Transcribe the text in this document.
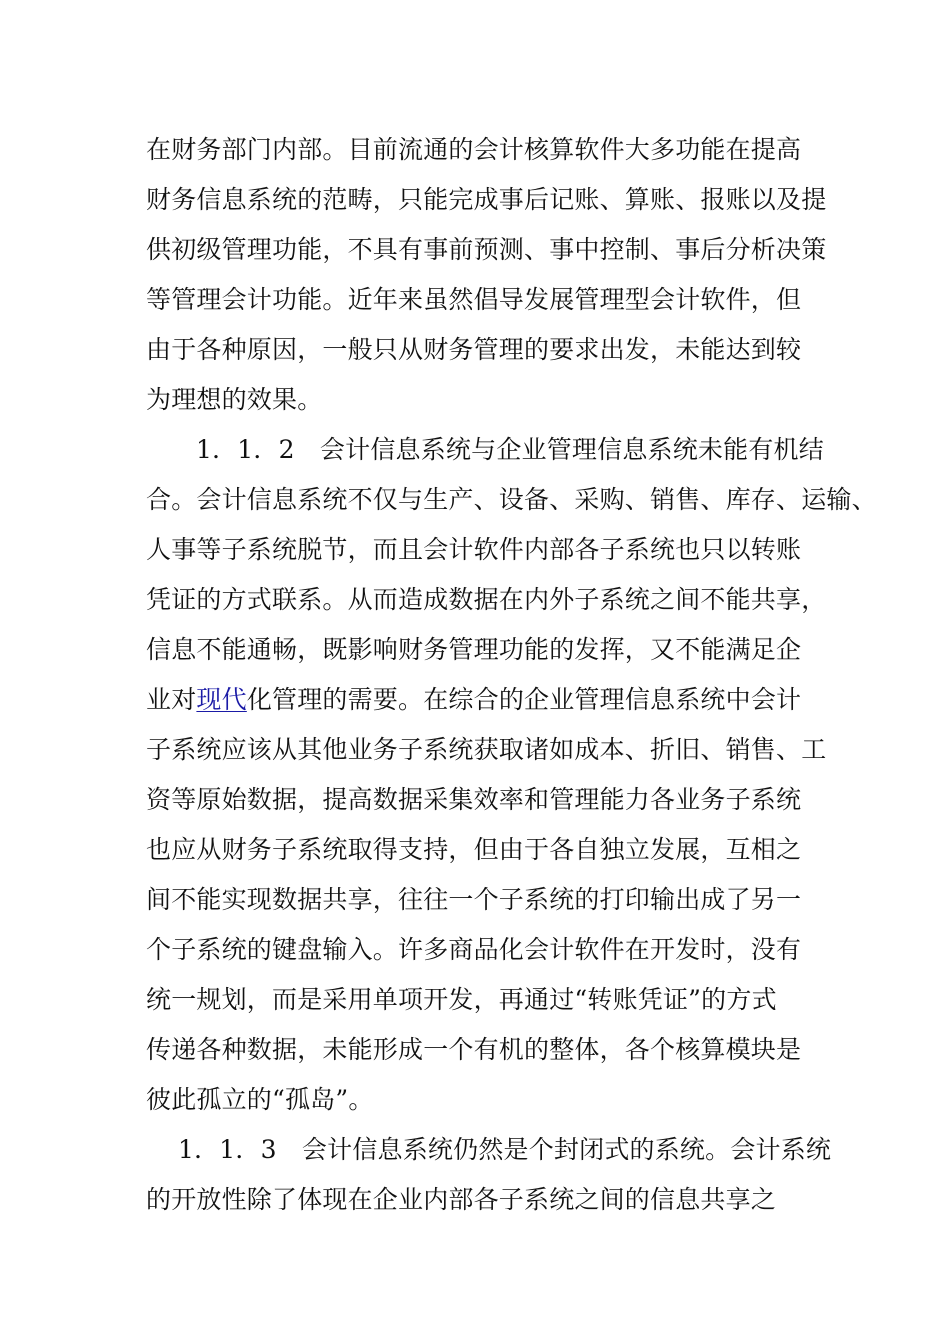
在财务部门内部。目前流通的会计核算软件大多功能在提高
财务信息系统的范畴，只能完成事后记账、算账、报账以及提
供初级管理功能，不具有事前预测、事中控制、事后分析决策
等管理会计功能。近年来虽然倡导发展管理型会计软件，但
由于各种原因，一般只从财务管理的要求出发，未能达到较
为理想的效果。
1．1．2　会计信息系统与企业管理信息系统未能有机结
合。会计信息系统不仅与生产、设备、采购、销售、库存、运输、
人事等子系统脱节，而且会计软件内部各子系统也只以转账
凭证的方式联系。从而造成数据在内外子系统之间不能共享，
信息不能通畅，既影响财务管理功能的发挥，又不能满足企
业对现代化管理的需要。在综合的企业管理信息系统中会计
子系统应该从其他业务子系统获取诸如成本、折旧、销售、工
资等原始数据，提高数据采集效率和管理能力各业务子系统
也应从财务子系统取得支持，但由于各自独立发展，互相之
间不能实现数据共享，往往一个子系统的打印输出成了另一
个子系统的键盘输入。许多商品化会计软件在开发时，没有
统一规划，而是采用单项开发，再通过“转账凭证”的方式
传递各种数据，未能形成一个有机的整体，各个核算模块是
彼此孤立的“孤岛”。
1．1．3　会计信息系统仍然是个封闭式的系统。会计系统
的开放性除了体现在企业内部各子系统之间的信息共享之
